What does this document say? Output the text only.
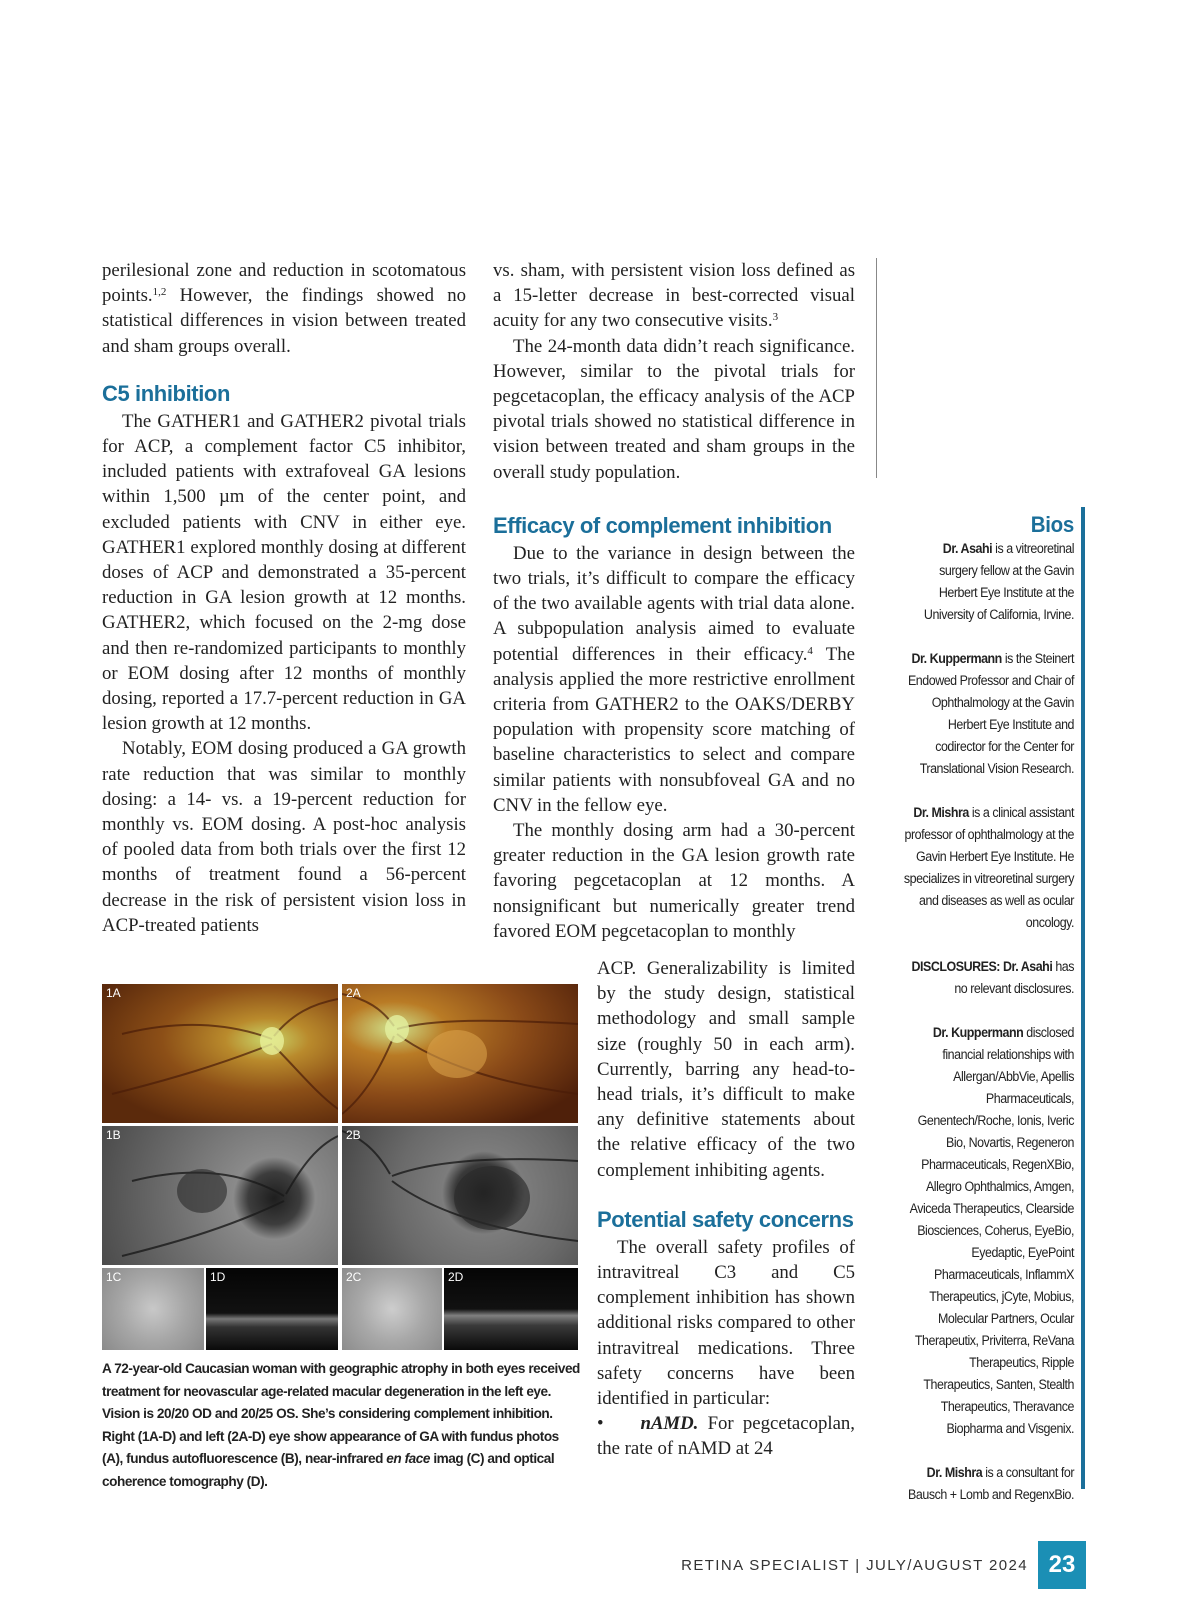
perilesional zone and reduction in scotomatous points.$^{1,2}$ However, the findings showed no statistical differences in vision between treated and sham groups overall.

C5 inhibition

The GATHER1 and GATHER2 pivotal trials for ACP, a complement factor C5 inhibitor, included patients with extrafoveal GA lesions within 1,500 µm of the center point, and excluded patients with CNV in either eye. GATHER1 explored monthly dosing at different doses of ACP and demonstrated a 35-percent reduction in GA lesion growth at 12 months. GATHER2, which focused on the 2-mg dose and then re-randomized participants to monthly or EOM dosing after 12 months of monthly dosing, reported a 17.7-percent reduction in GA lesion growth at 12 months.

Notably, EOM dosing produced a GA growth rate reduction that was similar to monthly dosing: a 14- vs. a 19-percent reduction for monthly vs. EOM dosing. A post-hoc analysis of pooled data from both trials over the first 12 months of treatment found a 56-percent decrease in the risk of persistent vision loss in ACP-treated patients

vs. sham, with persistent vision loss defined as a 15-letter decrease in best-corrected visual acuity for any two consecutive visits.$^3$

The 24-month data didn’t reach significance. However, similar to the pivotal trials for pegcetacoplan, the efficacy analysis of the ACP pivotal trials showed no statistical difference in vision between treated and sham groups in the overall study population.

Efficacy of complement inhibition

Due to the variance in design between the two trials, it’s difficult to compare the efficacy of the two available agents with trial data alone. A subpopulation analysis aimed to evaluate potential differences in their efficacy.$^4$ The analysis applied the more restrictive enrollment criteria from GATHER2 to the OAKS/DERBY population with propensity score matching of baseline characteristics to select and compare similar patients with nonsubfoveal GA and no CNV in the fellow eye.

The monthly dosing arm had a 30-percent greater reduction in the GA lesion growth rate favoring pegcetacoplan at 12 months. A nonsignificant but numerically greater trend favored EOM pegcetacoplan to monthly

ACP. Generalizability is limited by the study design, statistical methodology and small sample size (roughly 50 in each arm). Currently, barring any head-to-head trials, it’s difficult to make any definitive statements about the relative efficacy of the two complement inhibiting agents.

Potential safety concerns

The overall safety profiles of intravitreal C3 and C5 complement inhibition has shown additional risks compared to other intravitreal medications. Three safety concerns have been identified in particular:

• nAMD. For pegcetacoplan, the rate of nAMD at 24

Bios

Dr. Asahi is a vitreoretinal surgery fellow at the Gavin Herbert Eye Institute at the University of California, Irvine.

Dr. Kuppermann is the Steinert Endowed Professor and Chair of Ophthalmology at the Gavin Herbert Eye Institute and codirector for the Center for Translational Vision Research.

Dr. Mishra is a clinical assistant professor of ophthalmology at the Gavin Herbert Eye Institute. He specializes in vitreoretinal surgery and diseases as well as ocular oncology.

DISCLOSURES: Dr. Asahi has no relevant disclosures.

Dr. Kuppermann disclosed financial relationships with Allergan/AbbVie, Apellis Pharmaceuticals, Genentech/Roche, Ionis, Iveric Bio, Novartis, Regeneron Pharmaceuticals, RegenXBio, Allegro Ophthalmics, Amgen, Aviceda Therapeutics, Clearside Biosciences, Coherus, EyeBio, Eyedaptic, EyePoint Pharmaceuticals, InflammX Therapeutics, jCyte, Mobius, Molecular Partners, Ocular Therapeutix, Priviterra, ReVana Therapeutics, Ripple Therapeutics, Santen, Stealth Therapeutics, Theravance Biopharma and Visgenix.

Dr. Mishra is a consultant for Bausch + Lomb and RegenxBio.

1A	2A
1B	2B
1C	1D	2C	2D
A 72-year-old Caucasian woman with geographic atrophy in both eyes received treatment for neovascular age-related macular degeneration in the left eye. Vision is 20/20 OD and 20/25 OS. She’s considering complement inhibition. Right (1A-D) and left (2A-D) eye show appearance of GA with fundus photos (A), fundus autofluorescence (B), near-infrared en face imag (C) and optical coherence tomography (D).
RETINA SPECIALIST | JULY/AUGUST 2024 23
